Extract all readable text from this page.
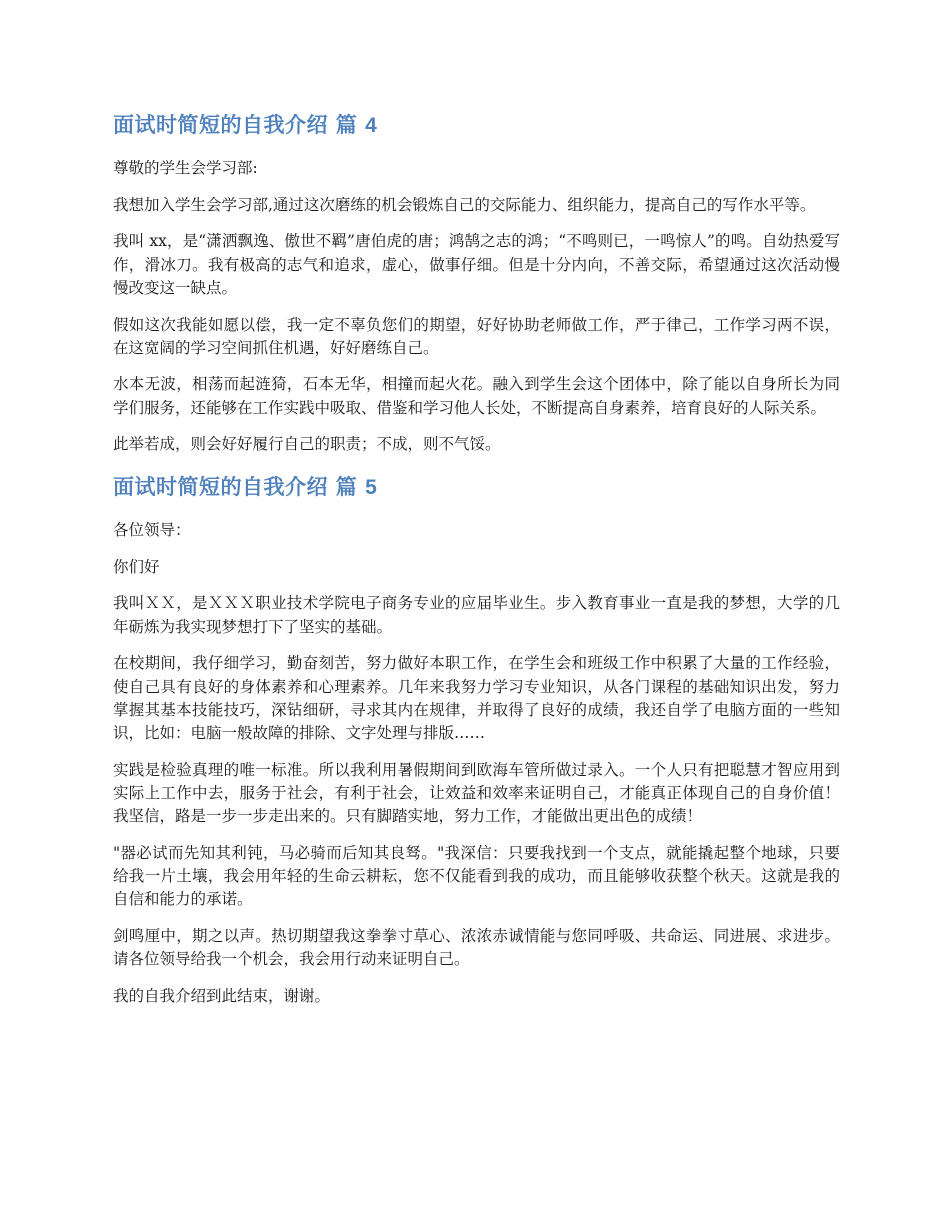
面试时简短的自我介绍 篇 4

尊敬的学生会学习部:

我想加入学生会学习部,通过这次磨练的机会锻炼自己的交际能力、组织能力，提高自己的写作水平等。

我叫 xx，是“潇洒飘逸、傲世不羁”唐伯虎的唐；鸿鹄之志的鸿；“不鸣则已，一鸣惊人”的鸣。自幼热爱写作，滑冰刀。我有极高的志气和追求，虚心，做事仔细。但是十分内向，不善交际，希望通过这次活动慢慢改变这一缺点。

假如这次我能如愿以偿，我一定不辜负您们的期望，好好协助老师做工作，严于律己，工作学习两不误，在这宽阔的学习空间抓住机遇，好好磨练自己。

水本无波，相荡而起涟猗，石本无华，相撞而起火花。融入到学生会这个团体中，除了能以自身所长为同学们服务，还能够在工作实践中吸取、借鉴和学习他人长处，不断提高自身素养，培育良好的人际关系。

此举若成，则会好好履行自己的职责；不成，则不气馁。

面试时简短的自我介绍 篇 5

各位领导：

你们好

我叫ＸＸ，是ＸＸＸ职业技术学院电子商务专业的应届毕业生。步入教育事业一直是我的梦想，大学的几年砺炼为我实现梦想打下了坚实的基础。

在校期间，我仔细学习，勤奋刻苦，努力做好本职工作，在学生会和班级工作中积累了大量的工作经验，使自己具有良好的身体素养和心理素养。几年来我努力学习专业知识，从各门课程的基础知识出发，努力掌握其基本技能技巧，深钻细研，寻求其内在规律，并取得了良好的成绩，我还自学了电脑方面的一些知识，比如：电脑一般故障的排除、文字处理与排版……

实践是检验真理的唯一标准。所以我利用暑假期间到欧海车管所做过录入。一个人只有把聪慧才智应用到实际上工作中去，服务于社会，有利于社会，让效益和效率来证明自己，才能真正体现自己的自身价值！我坚信，路是一步一步走出来的。只有脚踏实地，努力工作，才能做出更出色的成绩！

"器必试而先知其利钝，马必骑而后知其良驽。"我深信：只要我找到一个支点，就能撬起整个地球，只要给我一片土壤，我会用年轻的生命云耕耘，您不仅能看到我的成功，而且能够收获整个秋天。这就是我的自信和能力的承诺。

剑鸣厘中，期之以声。热切期望我这拳拳寸草心、浓浓赤诚情能与您同呼吸、共命运、同进展、求进步。请各位领导给我一个机会，我会用行动来证明自己。

我的自我介绍到此结束，谢谢。
